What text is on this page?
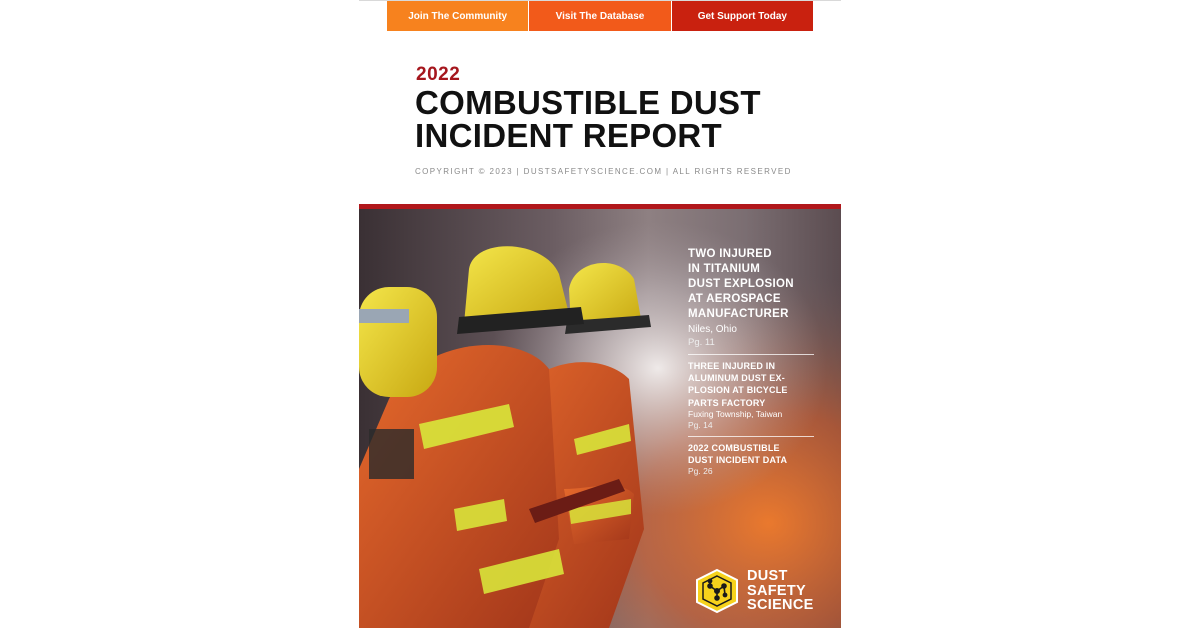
Join The Community	Visit The Database	Get Support Today
2022
COMBUSTIBLE DUST
INCIDENT REPORT
COPYRIGHT © 2023 | DUSTSAFETYSCIENCE.COM | ALL RIGHTS RESERVED
TWO INJURED
IN TITANIUM
DUST EXPLOSION
AT AEROSPACE
MANUFACTURER
Niles, Ohio
Pg. 11
THREE INJURED IN
ALUMINUM DUST EX-
PLOSION AT BICYCLE
PARTS FACTORY
Fuxing Township, Taiwan
Pg. 14
2022 COMBUSTIBLE
DUST INCIDENT DATA
Pg. 26
DUST
SAFETY
SCIENCE
